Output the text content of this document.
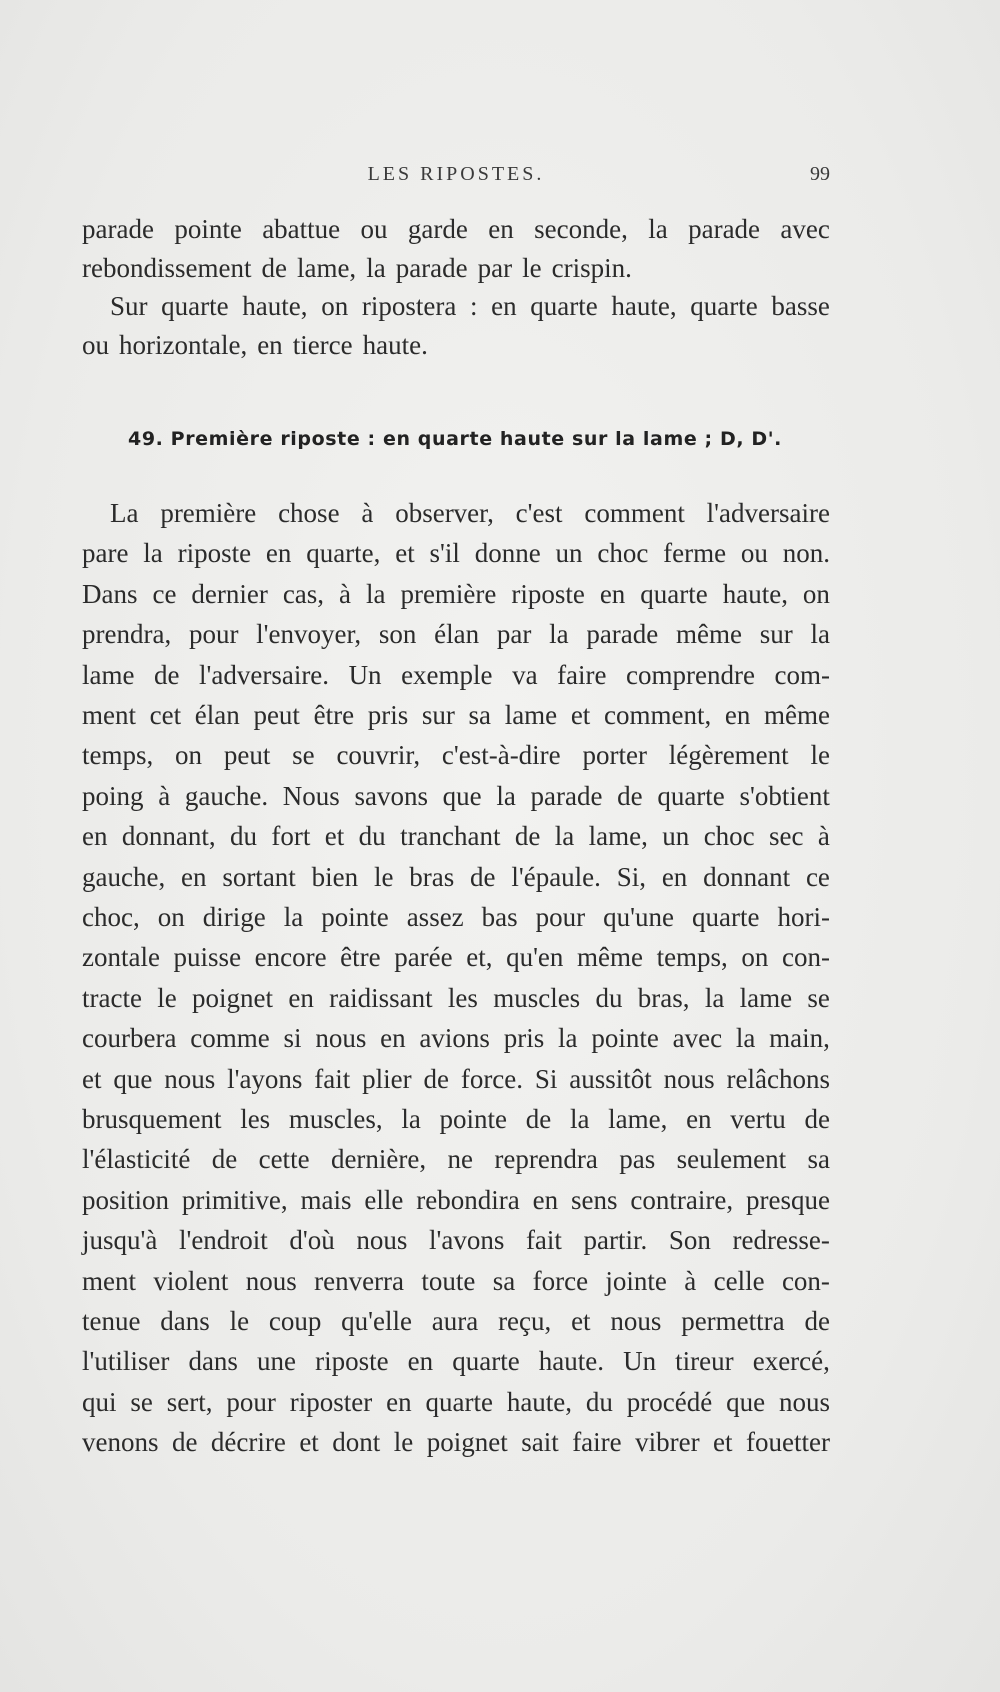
LES RIPOSTES.	99
parade pointe abattue ou garde en seconde, la parade avec
rebondissement de lame, la parade par le crispin.
Sur quarte haute, on ripostera : en quarte haute, quarte basse
ou horizontale, en tierce haute.
49. Première riposte : en quarte haute sur la lame ; D, D'.
La première chose à observer, c'est comment l'adversaire
pare la riposte en quarte, et s'il donne un choc ferme ou non.
Dans ce dernier cas, à la première riposte en quarte haute, on
prendra, pour l'envoyer, son élan par la parade même sur la
lame de l'adversaire. Un exemple va faire comprendre com-
ment cet élan peut être pris sur sa lame et comment, en même
temps, on peut se couvrir, c'est-à-dire porter légèrement le
poing à gauche. Nous savons que la parade de quarte s'obtient
en donnant, du fort et du tranchant de la lame, un choc sec à
gauche, en sortant bien le bras de l'épaule. Si, en donnant ce
choc, on dirige la pointe assez bas pour qu'une quarte hori-
zontale puisse encore être parée et, qu'en même temps, on con-
tracte le poignet en raidissant les muscles du bras, la lame se
courbera comme si nous en avions pris la pointe avec la main,
et que nous l'ayons fait plier de force. Si aussitôt nous relâchons
brusquement les muscles, la pointe de la lame, en vertu de
l'élasticité de cette dernière, ne reprendra pas seulement sa
position primitive, mais elle rebondira en sens contraire, presque
jusqu'à l'endroit d'où nous l'avons fait partir. Son redresse-
ment violent nous renverra toute sa force jointe à celle con-
tenue dans le coup qu'elle aura reçu, et nous permettra de
l'utiliser dans une riposte en quarte haute. Un tireur exercé,
qui se sert, pour riposter en quarte haute, du procédé que nous
venons de décrire et dont le poignet sait faire vibrer et fouetter
